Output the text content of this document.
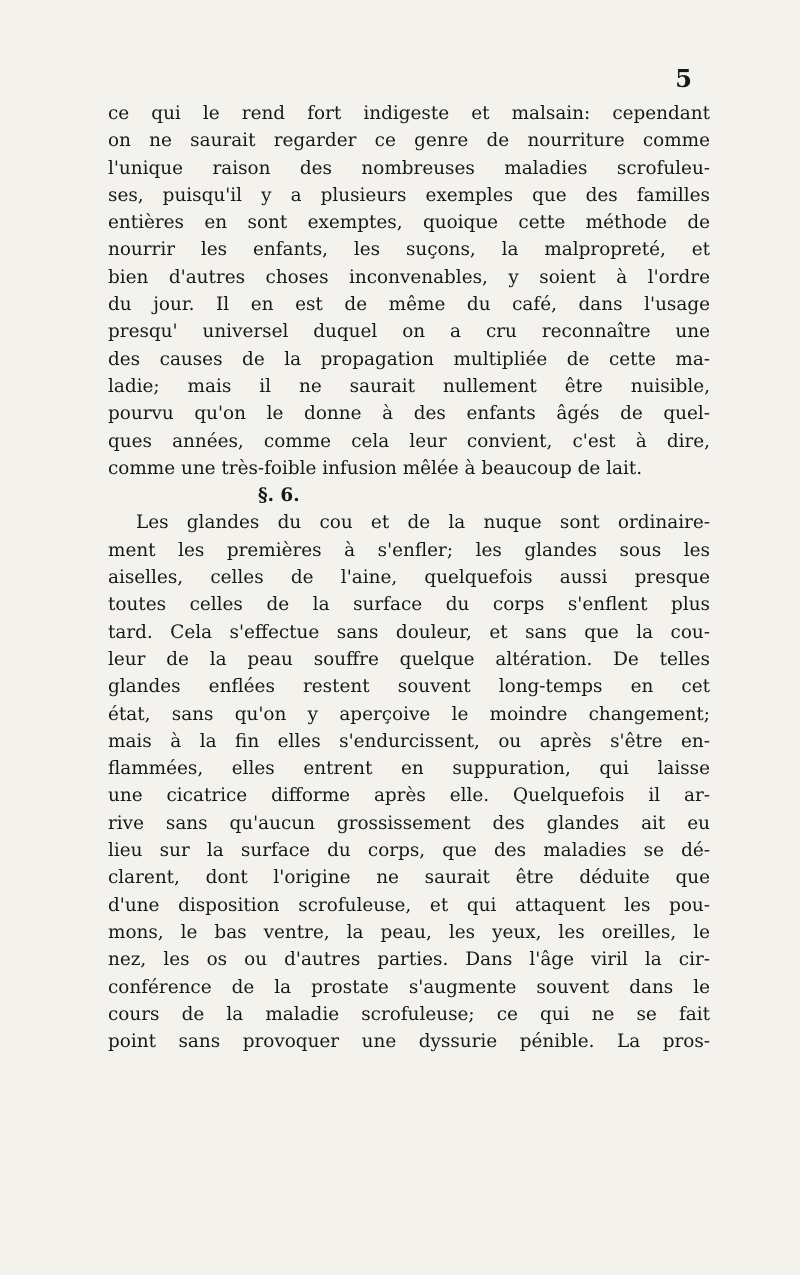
5
ce qui le rend fort indigeste et malsain: cependant
on ne saurait regarder ce genre de nourriture comme
l'unique raison des nombreuses maladies scrofuleu-
ses, puisqu'il y a plusieurs exemples que des familles
entières en sont exemptes, quoique cette méthode de
nourrir les enfants, les suçons, la malpropreté, et
bien d'autres choses inconvenables, y soient à l'ordre
du jour. Il en est de même du café, dans l'usage
presqu' universel duquel on a cru reconnaître une
des causes de la propagation multipliée de cette ma-
ladie; mais il ne saurait nullement être nuisible,
pourvu qu'on le donne à des enfants âgés de quel-
ques années, comme cela leur convient, c'est à dire,
comme une très-foible infusion mêlée à beaucoup de lait.
§. 6.
Les glandes du cou et de la nuque sont ordinaire-
ment les premières à s'enfler; les glandes sous les
aiselles, celles de l'aine, quelquefois aussi presque
toutes celles de la surface du corps s'enflent plus
tard. Cela s'effectue sans douleur, et sans que la cou-
leur de la peau souffre quelque altération. De telles
glandes enflées restent souvent long-temps en cet
état, sans qu'on y aperçoive le moindre changement;
mais à la fin elles s'endurcissent, ou après s'être en-
flammées, elles entrent en suppuration, qui laisse
une cicatrice difforme après elle. Quelquefois il ar-
rive sans qu'aucun grossissement des glandes ait eu
lieu sur la surface du corps, que des maladies se dé-
clarent, dont l'origine ne saurait être déduite que
d'une disposition scrofuleuse, et qui attaquent les pou-
mons, le bas ventre, la peau, les yeux, les oreilles, le
nez, les os ou d'autres parties. Dans l'âge viril la cir-
conférence de la prostate s'augmente souvent dans le
cours de la maladie scrofuleuse; ce qui ne se fait
point sans provoquer une dyssurie pénible. La pros-
